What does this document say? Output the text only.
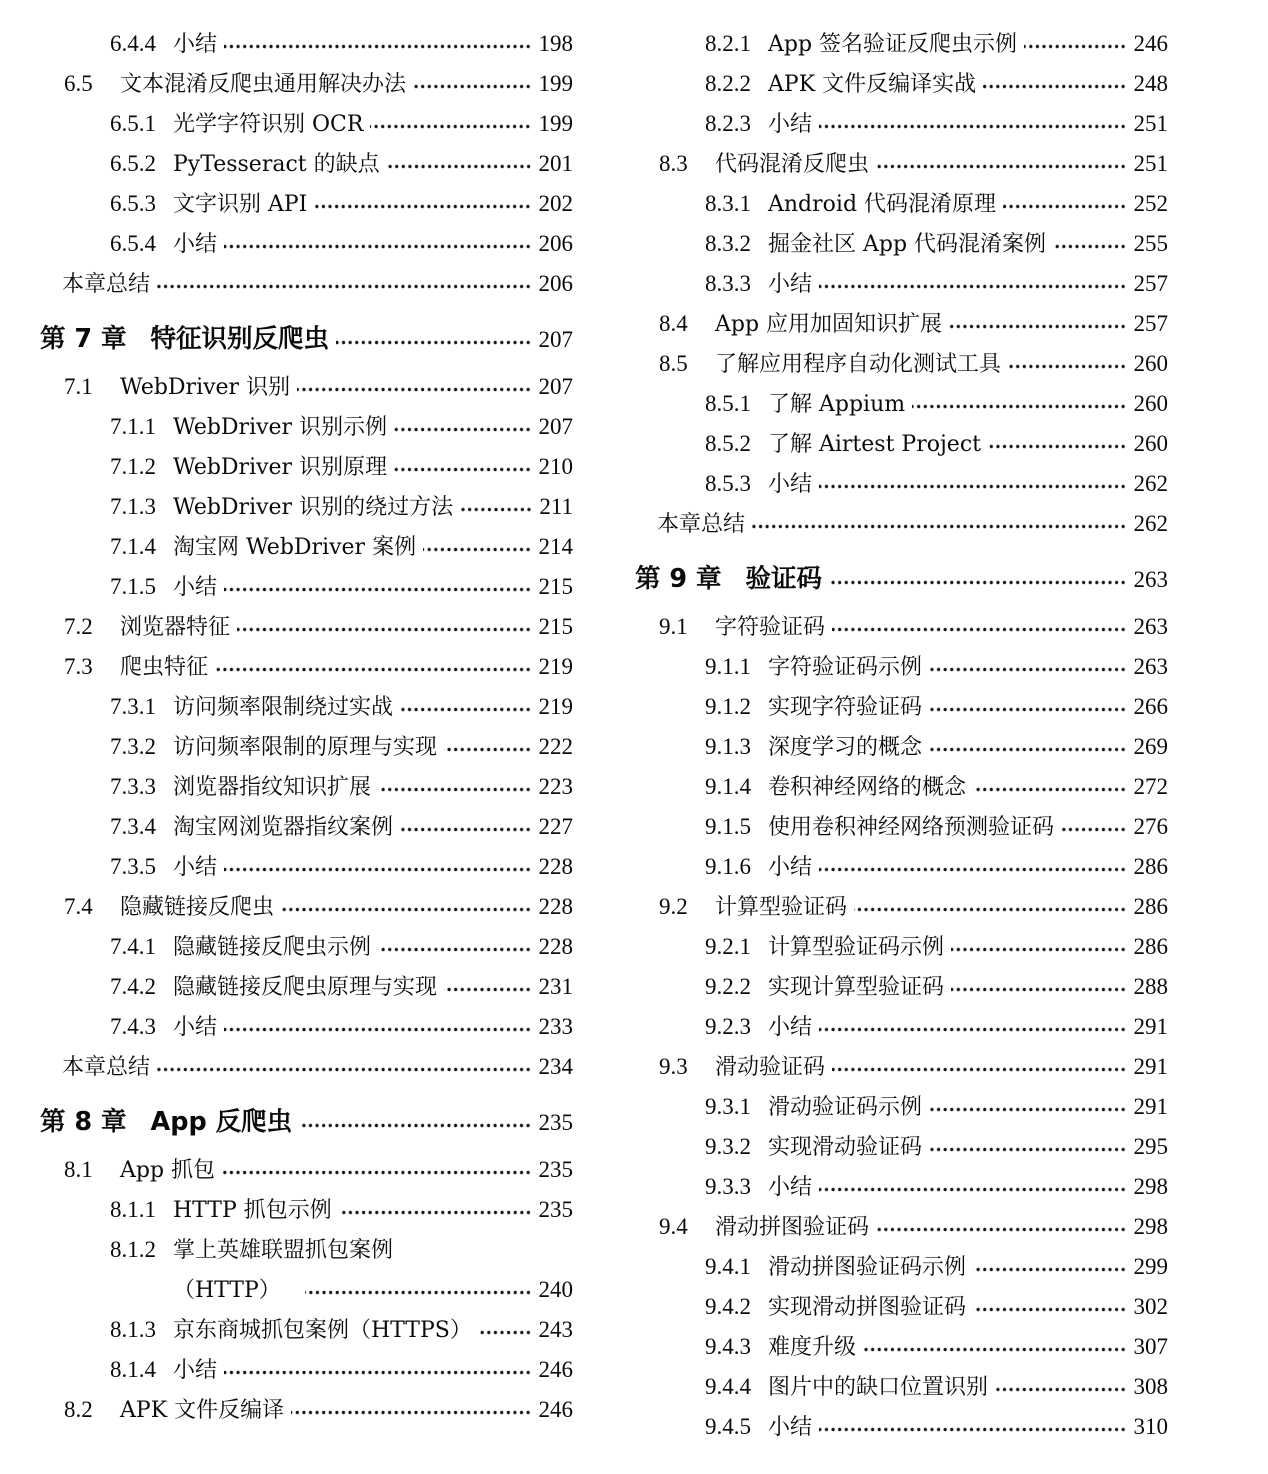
6.4.4 小结	198
6.5	文本混淆反爬虫通用解决办法	199
6.5.1 光学字符识别 OCR	199
6.5.2 PyTesseract 的缺点	201
6.5.3 文字识别 API	202
6.5.4 小结	206
本章总结	206
第 7 章 特征识别反爬虫	207
7.1	WebDriver 识别	207
7.1.1 WebDriver 识别示例	207
7.1.2 WebDriver 识别原理	210
7.1.3 WebDriver 识别的绕过方法	211
7.1.4 淘宝网 WebDriver 案例	214
7.1.5 小结	215
7.2	浏览器特征	215
7.3	爬虫特征	219
7.3.1 访问频率限制绕过实战	219
7.3.2 访问频率限制的原理与实现	222
7.3.3 浏览器指纹知识扩展	223
7.3.4 淘宝网浏览器指纹案例	227
7.3.5 小结	228
7.4	隐藏链接反爬虫	228
7.4.1 隐藏链接反爬虫示例	228
7.4.2 隐藏链接反爬虫原理与实现	231
7.4.3 小结	233
本章总结	234
第 8 章 App 反爬虫	235
8.1	App 抓包	235
8.1.1 HTTP 抓包示例	235
8.1.2 掌上英雄联盟抓包案例
（HTTP）	240
8.1.3 京东商城抓包案例（HTTPS）	243
8.1.4 小结	246
8.2	APK 文件反编译	246
8.2.1 App 签名验证反爬虫示例	246
8.2.2 APK 文件反编译实战	248
8.2.3 小结	251
8.3	代码混淆反爬虫	251
8.3.1 Android 代码混淆原理	252
8.3.2 掘金社区 App 代码混淆案例	255
8.3.3 小结	257
8.4	App 应用加固知识扩展	257
8.5	了解应用程序自动化测试工具	260
8.5.1 了解 Appium	260
8.5.2 了解 Airtest Project	260
8.5.3 小结	262
本章总结	262
第 9 章 验证码	263
9.1	字符验证码	263
9.1.1 字符验证码示例	263
9.1.2 实现字符验证码	266
9.1.3 深度学习的概念	269
9.1.4 卷积神经网络的概念	272
9.1.5 使用卷积神经网络预测验证码	276
9.1.6 小结	286
9.2	计算型验证码	286
9.2.1 计算型验证码示例	286
9.2.2 实现计算型验证码	288
9.2.3 小结	291
9.3	滑动验证码	291
9.3.1 滑动验证码示例	291
9.3.2 实现滑动验证码	295
9.3.3 小结	298
9.4	滑动拼图验证码	298
9.4.1 滑动拼图验证码示例	299
9.4.2 实现滑动拼图验证码	302
9.4.3 难度升级	307
9.4.4 图片中的缺口位置识别	308
9.4.5 小结	310
